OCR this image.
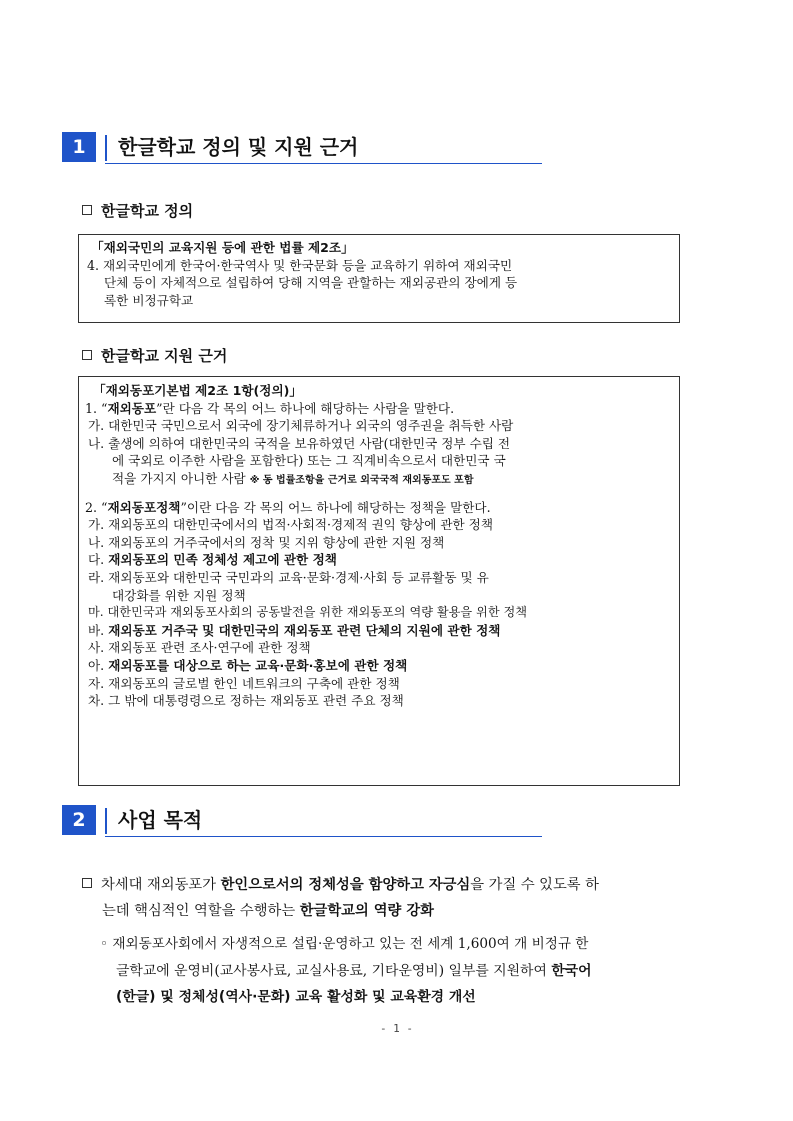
1	한글학교 정의 및 지원 근거
한글학교 정의
「재외국민의 교육지원 등에 관한 법률 제2조」
4. 재외국민에게 한국어·한국역사 및 한국문화 등을 교육하기 위하여 재외국민
단체 등이 자체적으로 설립하여 당해 지역을 관할하는 재외공관의 장에게 등
록한 비정규학교
한글학교 지원 근거
「재외동포기본법 제2조 1항(정의)」
1. “재외동포”란 다음 각 목의 어느 하나에 해당하는 사람을 말한다.
가. 대한민국 국민으로서 외국에 장기체류하거나 외국의 영주권을 취득한 사람
나. 출생에 의하여 대한민국의 국적을 보유하였던 사람(대한민국 정부 수립 전
에 국외로 이주한 사람을 포함한다) 또는 그 직계비속으로서 대한민국 국
적을 가지지 아니한 사람 ※ 동 법률조항을 근거로 외국국적 재외동포도 포함
2. “재외동포정책”이란 다음 각 목의 어느 하나에 해당하는 정책을 말한다.
가. 재외동포의 대한민국에서의 법적·사회적·경제적 권익 향상에 관한 정책
나. 재외동포의 거주국에서의 정착 및 지위 향상에 관한 지원 정책
다. 재외동포의 민족 정체성 제고에 관한 정책
라. 재외동포와 대한민국 국민과의 교육·문화·경제·사회 등 교류활동 및 유
대강화를 위한 지원 정책
마. 대한민국과 재외동포사회의 공동발전을 위한 재외동포의 역량 활용을 위한 정책
바. 재외동포 거주국 및 대한민국의 재외동포 관련 단체의 지원에 관한 정책
사. 재외동포 관련 조사·연구에 관한 정책
아. 재외동포를 대상으로 하는 교육·문화·홍보에 관한 정책
자. 재외동포의 글로벌 한인 네트워크의 구축에 관한 정책
차. 그 밖에 대통령령으로 정하는 재외동포 관련 주요 정책
2	사업 목적
차세대 재외동포가 한인으로서의 정체성을 함양하고 자긍심을 가질 수 있도록 하
는데 핵심적인 역할을 수행하는 한글학교의 역량 강화
◦ 재외동포사회에서 자생적으로 설립·운영하고 있는 전 세계 1,600여 개 비정규 한
글학교에 운영비(교사봉사료, 교실사용료, 기타운영비) 일부를 지원하여 한국어
(한글) 및 정체성(역사·문화) 교육 활성화 및 교육환경 개선
- 1 -
